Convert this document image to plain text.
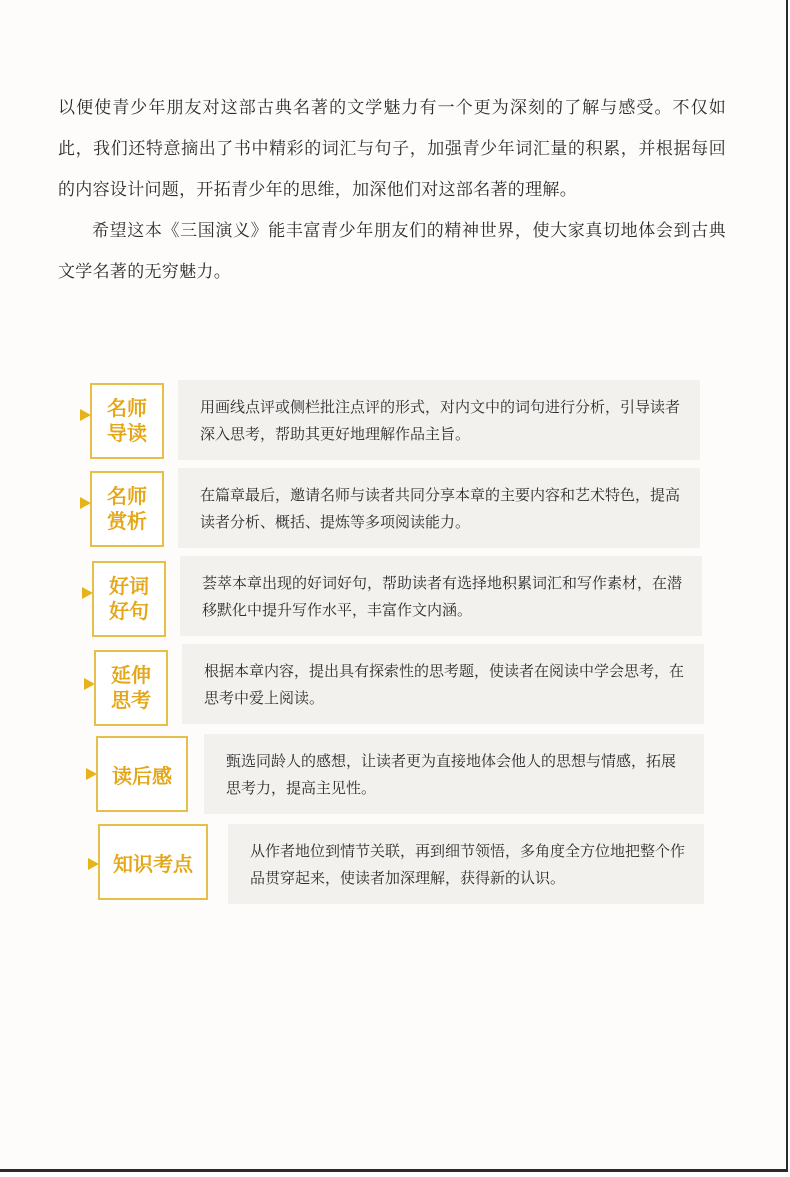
以便使青少年朋友对这部古典名著的文学魅力有一个更为深刻的了解与感受。不仅如此，我们还特意摘出了书中精彩的词汇与句子，加强青少年词汇量的积累，并根据每回的内容设计问题，开拓青少年的思维，加深他们对这部名著的理解。

希望这本《三国演义》能丰富青少年朋友们的精神世界，使大家真切地体会到古典文学名著的无穷魅力。

名师
导读
用画线点评或侧栏批注点评的形式，对内文中的词句进行分析，引导读者深入思考，帮助其更好地理解作品主旨。
名师
赏析
在篇章最后，邀请名师与读者共同分享本章的主要内容和艺术特色，提高读者分析、概括、提炼等多项阅读能力。
好词
好句
荟萃本章出现的好词好句，帮助读者有选择地积累词汇和写作素材，在潜移默化中提升写作水平，丰富作文内涵。
延伸
思考
根据本章内容，提出具有探索性的思考题，使读者在阅读中学会思考，在思考中爱上阅读。
读后感
甄选同龄人的感想，让读者更为直接地体会他人的思想与情感，拓展思考力，提高主见性。
知识考点
从作者地位到情节关联，再到细节领悟，多角度全方位地把整个作品贯穿起来，使读者加深理解，获得新的认识。
